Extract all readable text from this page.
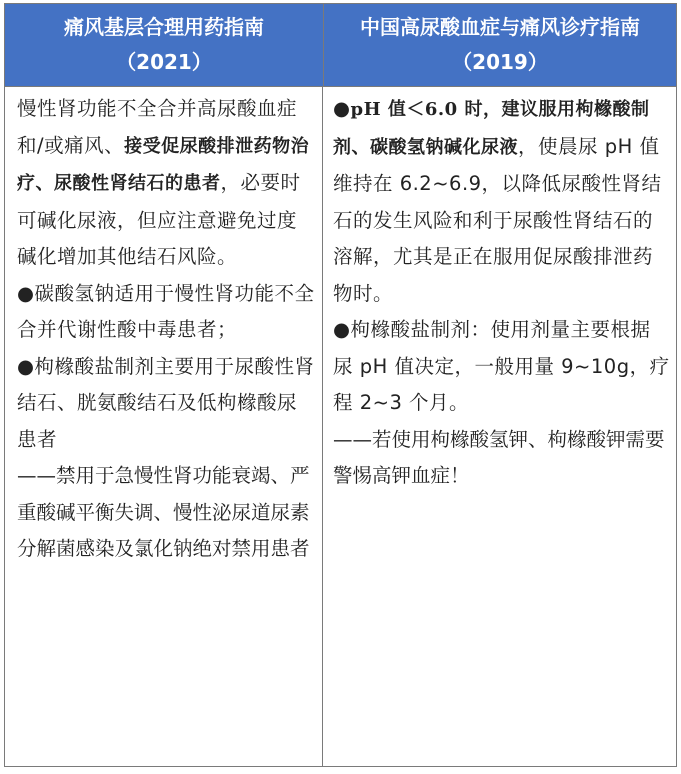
痛风基层合理用药指南
（2021）
中国高尿酸血症与痛风诊疗指南
（2019）

慢性肾功能不全合并高尿酸血症和/或痛风、接受促尿酸排泄药物治疗、尿酸性肾结石的患者，必要时可碱化尿液，但应注意避免过度碱化增加其他结石风险。

●碳酸氢钠适用于慢性肾功能不全合并代谢性酸中毒患者；

●枸橼酸盐制剂主要用于尿酸性肾结石、胱氨酸结石及低枸橼酸尿患者

——禁用于急慢性肾功能衰竭、严重酸碱平衡失调、慢性泌尿道尿素分解菌感染及氯化钠绝对禁用患者

●pH 值＜6.0 时，建议服用枸橼酸制剂、碳酸氢钠碱化尿液，使晨尿 pH 值维持在 6.2~6.9，以降低尿酸性肾结石的发生风险和利于尿酸性肾结石的溶解，尤其是正在服用促尿酸排泄药物时。

●枸橼酸盐制剂：使用剂量主要根据尿 pH 值决定，一般用量 9~10g，疗程 2~3 个月。

——若使用枸橼酸氢钾、枸橼酸钾需要警惕高钾血症！
